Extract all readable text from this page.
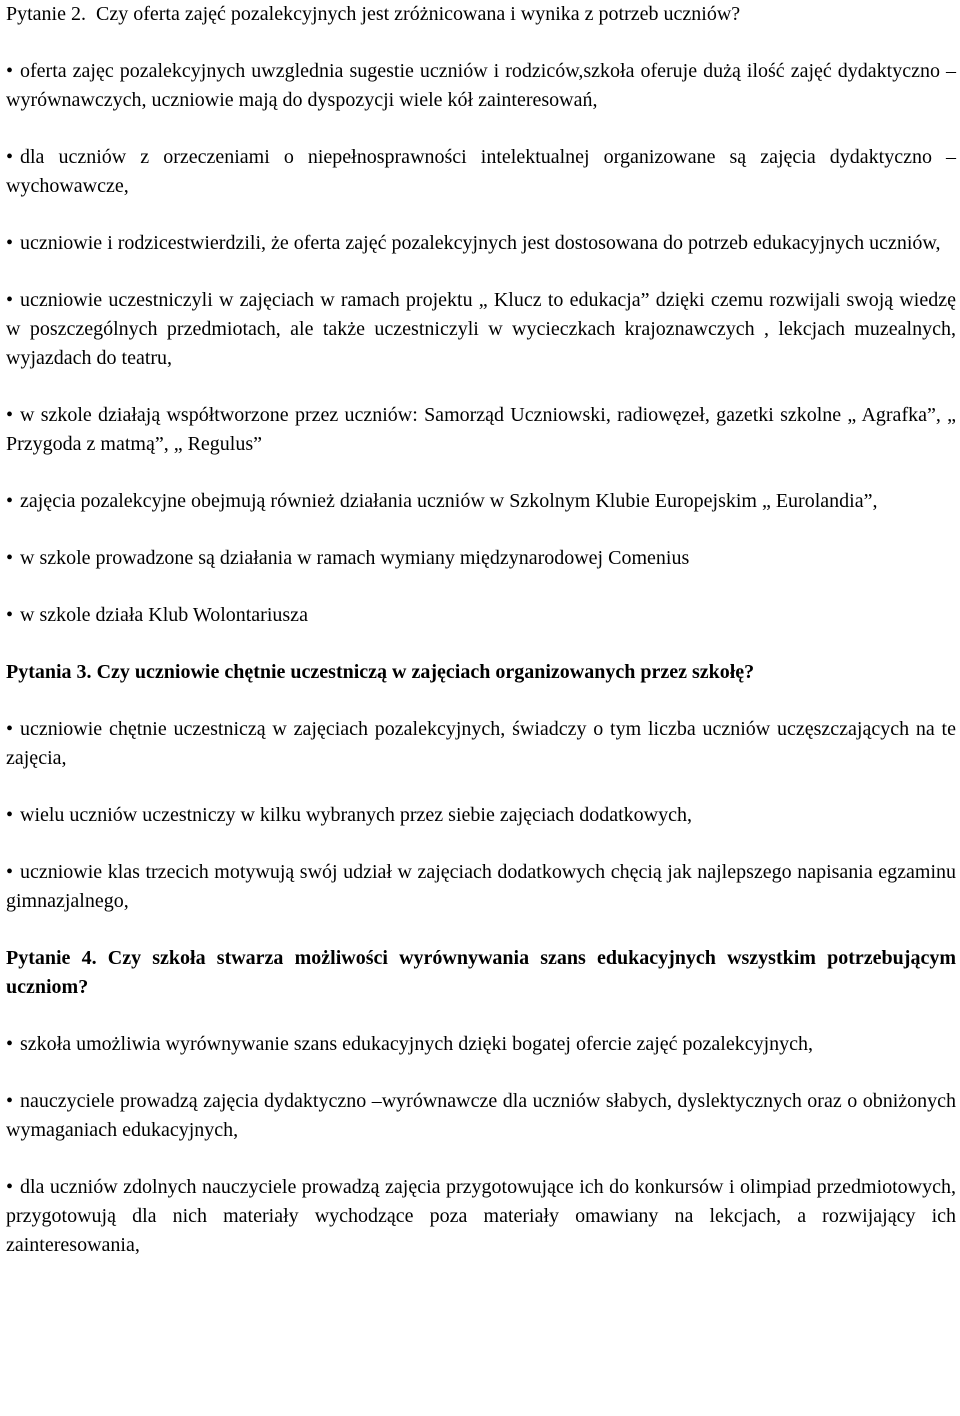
Pytanie 2. Czy oferta zajęć pozalekcyjnych jest zróżnicowana i wynika z potrzeb uczniów?

• oferta zajęc pozalekcyjnych uwzglednia sugestie uczniów i rodziców,szkoła oferuje dużą ilość zajęć dydaktyczno –wyrównawczych, uczniowie mają do dyspozycji wiele kół zainteresowań,
• dla uczniów z orzeczeniami o niepełnosprawności intelektualnej organizowane są zajęcia dydaktyczno –wychowawcze,
• uczniowie i rodzicestwierdzili, że oferta zajęć pozalekcyjnych jest dostosowana do potrzeb edukacyjnych uczniów,
• uczniowie uczestniczyli w zajęciach w ramach projektu „ Klucz to edukacja” dzięki czemu rozwijali swoją wiedzę w poszczególnych przedmiotach, ale także uczestniczyli w wycieczkach krajoznawczych , lekcjach muzealnych, wyjazdach do teatru,
• w szkole działają współtworzone przez uczniów: Samorząd Uczniowski, radiowęzeł, gazetki szkolne „ Agrafka”, „ Przygoda z matmą”, „ Regulus”
• zajęcia pozalekcyjne obejmują również działania uczniów w Szkolnym Klubie Europejskim „ Eurolandia”,
• w szkole prowadzone są działania w ramach wymiany międzynarodowej Comenius
• w szkole działa Klub Wolontariusza

Pytania 3. Czy uczniowie chętnie uczestniczą w zajęciach organizowanych przez szkołę?

• uczniowie chętnie uczestniczą w zajęciach pozalekcyjnych, świadczy o tym liczba uczniów uczęszczających na te zajęcia,
• wielu uczniów uczestniczy w kilku wybranych przez siebie zajęciach dodatkowych,
• uczniowie klas trzecich motywują swój udział w zajęciach dodatkowych chęcią jak najlepszego napisania egzaminu gimnazjalnego,

Pytanie 4. Czy szkoła stwarza możliwości wyrównywania szans edukacyjnych wszystkim potrzebującym uczniom?

• szkoła umożliwia wyrównywanie szans edukacyjnych dzięki bogatej ofercie zajęć pozalekcyjnych,
• nauczyciele prowadzą zajęcia dydaktyczno –wyrównawcze dla uczniów słabych, dyslektycznych oraz o obniżonych wymaganiach edukacyjnych,
• dla uczniów zdolnych nauczyciele prowadzą zajęcia przygotowujące ich do konkursów i olimpiad przedmiotowych, przygotowują dla nich materiały wychodzące poza materiały omawiany na lekcjach, a rozwijający ich zainteresowania,
